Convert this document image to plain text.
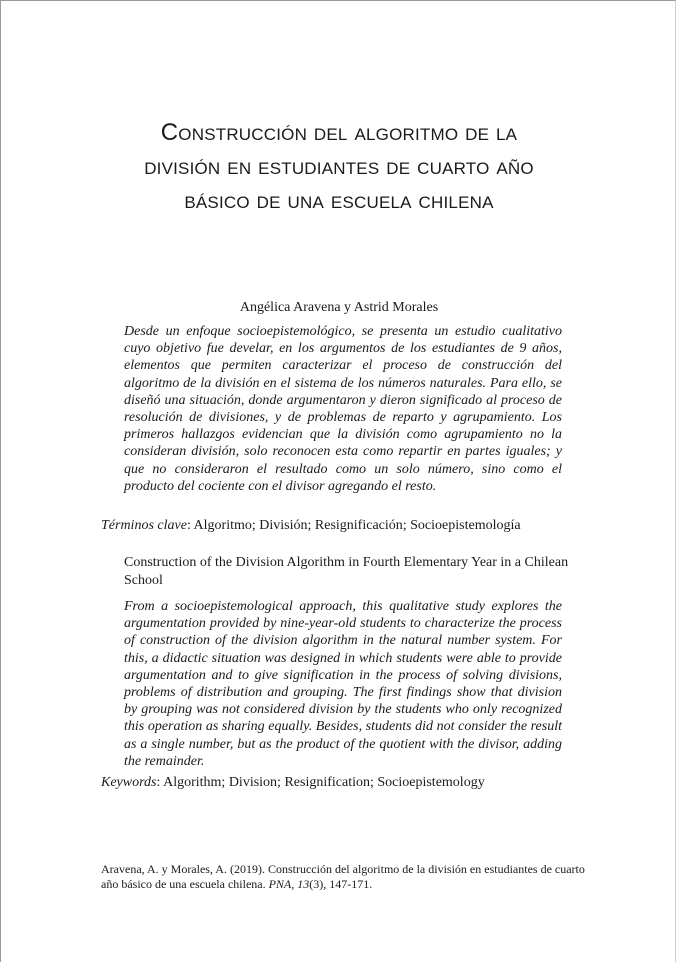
Construcción del algoritmo de la
división en estudiantes de cuarto año
básico de una escuela chilena
Angélica Aravena y Astrid Morales

Desde un enfoque socioepistemológico, se presenta un estudio cualitativo cuyo objetivo fue develar, en los argumentos de los estudiantes de 9 años, elementos que permiten caracterizar el proceso de construcción del algoritmo de la división en el sistema de los números naturales. Para ello, se diseñó una situación, donde argumentaron y dieron significado al proceso de resolución de divisiones, y de problemas de reparto y agrupamiento. Los primeros hallazgos evidencian que la división como agrupamiento no la consideran división, solo reconocen esta como repartir en partes iguales; y que no consideraron el resultado como un solo número, sino como el producto del cociente con el divisor agregando el resto.

Términos clave: Algoritmo; División; Resignificación; Socioepistemología
Construction of the Division Algorithm in Fourth Elementary Year in a Chilean School

From a socioepistemological approach, this qualitative study explores the argumentation provided by nine-year-old students to characterize the process of construction of the division algorithm in the natural number system. For this, a didactic situation was designed in which students were able to provide argumentation and to give signification in the process of solving divisions, problems of distribution and grouping. The first findings show that division by grouping was not considered division by the students who only recognized this operation as sharing equally. Besides, students did not consider the result as a single number, but as the product of the quotient with the divisor, adding the remainder.

Keywords: Algorithm; Division; Resignification; Socioepistemology
Aravena, A. y Morales, A. (2019). Construcción del algoritmo de la división en estudiantes de cuarto año básico de una escuela chilena. PNA, 13(3), 147-171.
